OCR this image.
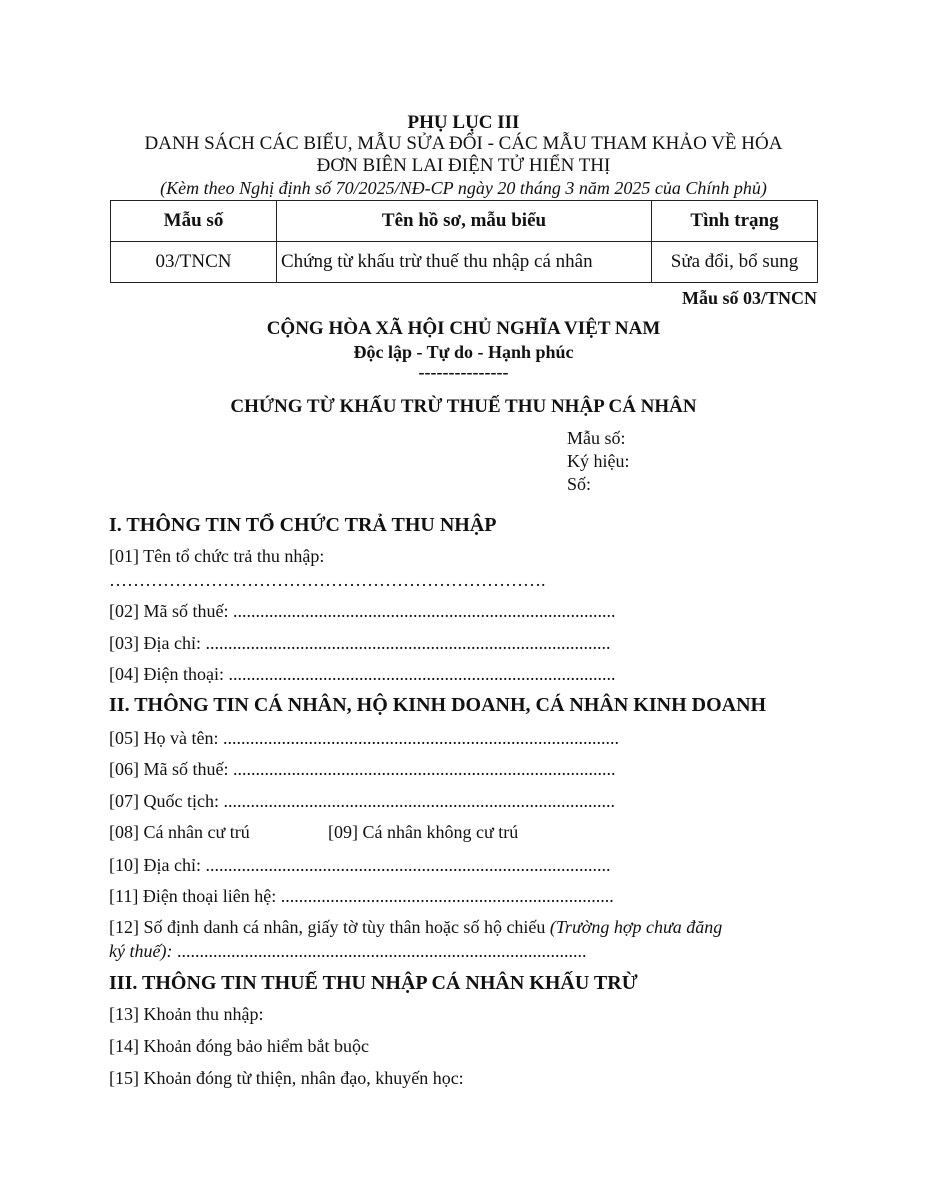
PHỤ LỤC III
DANH SÁCH CÁC BIỂU, MẪU SỬA ĐỔI - CÁC MẪU THAM KHẢO VỀ HÓA
ĐƠN BIÊN LAI ĐIỆN TỬ HIỂN THỊ
(Kèm theo Nghị định số 70/2025/NĐ-CP ngày 20 tháng 3 năm 2025 của Chính phủ)
Mẫu số	Tên hồ sơ, mẫu biểu	Tình trạng
03/TNCN	Chứng từ khấu trừ thuế thu nhập cá nhân	Sửa đổi, bổ sung
Mẫu số 03/TNCN
CỘNG HÒA XÃ HỘI CHỦ NGHĨA VIỆT NAM
Độc lập - Tự do - Hạnh phúc
---------------
CHỨNG TỪ KHẤU TRỪ THUẾ THU NHẬP CÁ NHÂN
Mẫu số:
Ký hiệu:
Số:
I. THÔNG TIN TỔ CHỨC TRẢ THU NHẬP
[01] Tên tổ chức trả thu nhập:
……………………………………………………………….
[02] Mã số thuế: .....................................................................................
[03] Địa chỉ: ..........................................................................................
[04] Điện thoại: ......................................................................................
II. THÔNG TIN CÁ NHÂN, HỘ KINH DOANH, CÁ NHÂN KINH DOANH
[05] Họ và tên: ........................................................................................
[06] Mã số thuế: .....................................................................................
[07] Quốc tịch: .......................................................................................
[08] Cá nhân cư trú	[09] Cá nhân không cư trú
[10] Địa chỉ: ..........................................................................................
[11] Điện thoại liên hệ: ..........................................................................
[12] Số định danh cá nhân, giấy tờ tùy thân hoặc số hộ chiếu (Trường hợp chưa đăng
ký thuế): ...........................................................................................
III. THÔNG TIN THUẾ THU NHẬP CÁ NHÂN KHẤU TRỪ
[13] Khoản thu nhập:
[14] Khoản đóng bảo hiểm bắt buộc
[15] Khoản đóng từ thiện, nhân đạo, khuyến học:
